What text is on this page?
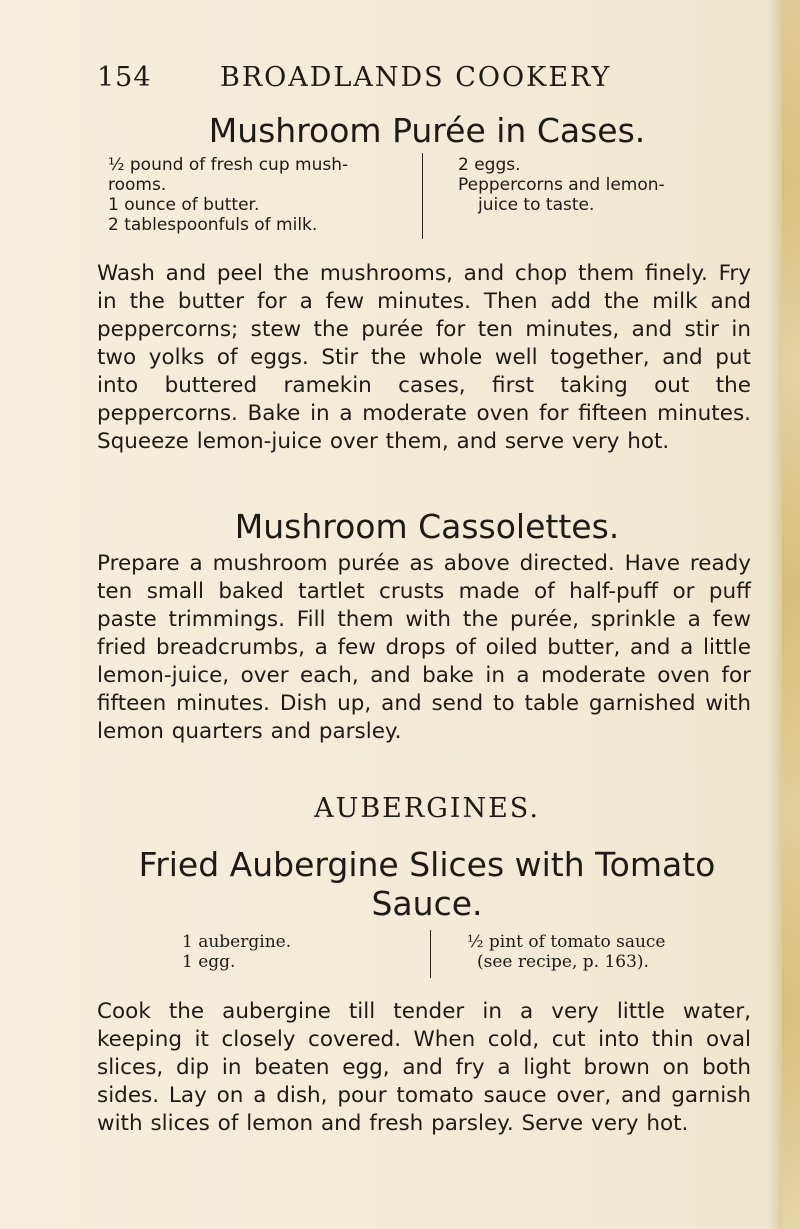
154	BROADLANDS COOKERY
Mushroom Purée in Cases.
½ pound of fresh cup mush-
rooms.
1 ounce of butter.
2 tablespoonfuls of milk.
2 eggs.
Peppercorns and lemon-
juice to taste.

Wash and peel the mushrooms, and chop them finely. Fry in the butter for a few minutes. Then add the milk and peppercorns; stew the purée for ten minutes, and stir in two yolks of eggs. Stir the whole well together, and put into buttered ramekin cases, first taking out the peppercorns. Bake in a moderate oven for fifteen minutes. Squeeze lemon-juice over them, and serve very hot.

Mushroom Cassolettes.

Prepare a mushroom purée as above directed. Have ready ten small baked tartlet crusts made of half-puff or puff paste trimmings. Fill them with the purée, sprinkle a few fried breadcrumbs, a few drops of oiled butter, and a little lemon-juice, over each, and bake in a moderate oven for fifteen minutes. Dish up, and send to table garnished with lemon quarters and parsley.

AUBERGINES.
Fried Aubergine Slices with Tomato
Sauce.
1 aubergine.
1 egg.
½ pint of tomato sauce
(see recipe, p. 163).

Cook the aubergine till tender in a very little water, keeping it closely covered. When cold, cut into thin oval slices, dip in beaten egg, and fry a light brown on both sides. Lay on a dish, pour tomato sauce over, and garnish with slices of lemon and fresh parsley. Serve very hot.
